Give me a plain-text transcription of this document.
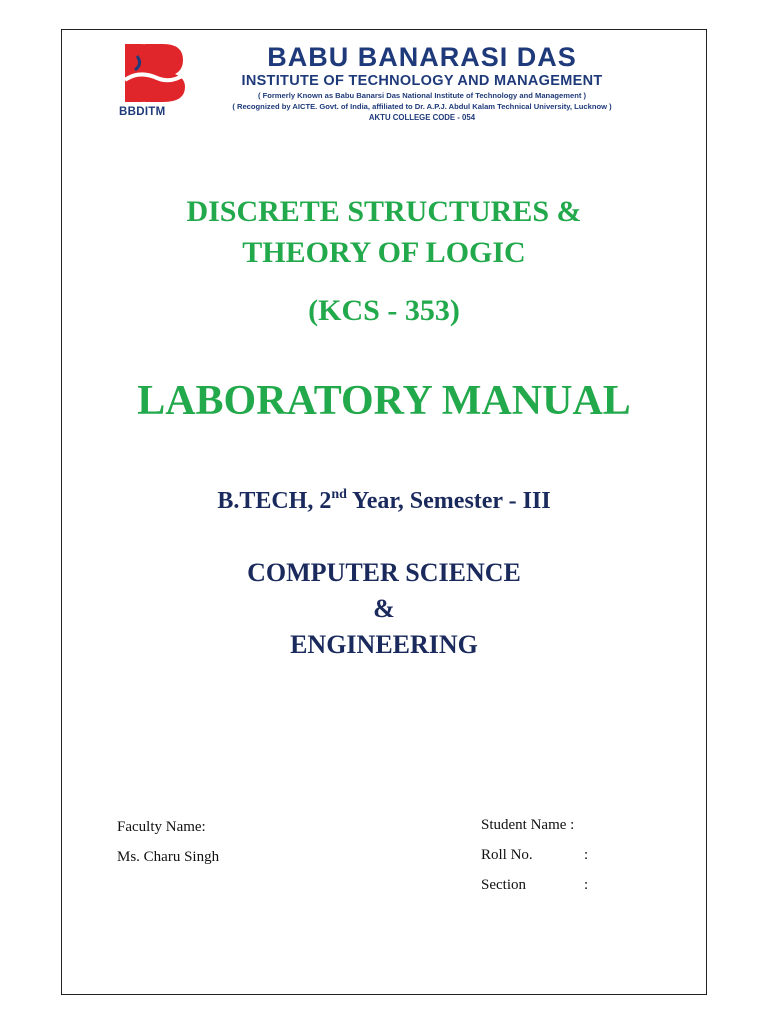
BBDITM
BABU BANARASI DAS
INSTITUTE OF TECHNOLOGY AND MANAGEMENT
( Formerly Known as Babu Banarsi Das National Institute of Technology and Management )
( Recognized by AICTE. Govt. of India, affiliated to Dr. A.P.J. Abdul Kalam Technical University, Lucknow )
AKTU COLLEGE CODE - 054
DISCRETE STRUCTURES &
THEORY OF LOGIC
(KCS - 353)
LABORATORY MANUAL
B.TECH, 2nd Year, Semester - III
COMPUTER SCIENCE
&
ENGINEERING
Faculty Name:
Ms. Charu Singh
Student Name :
Roll No.	:
Section	:
